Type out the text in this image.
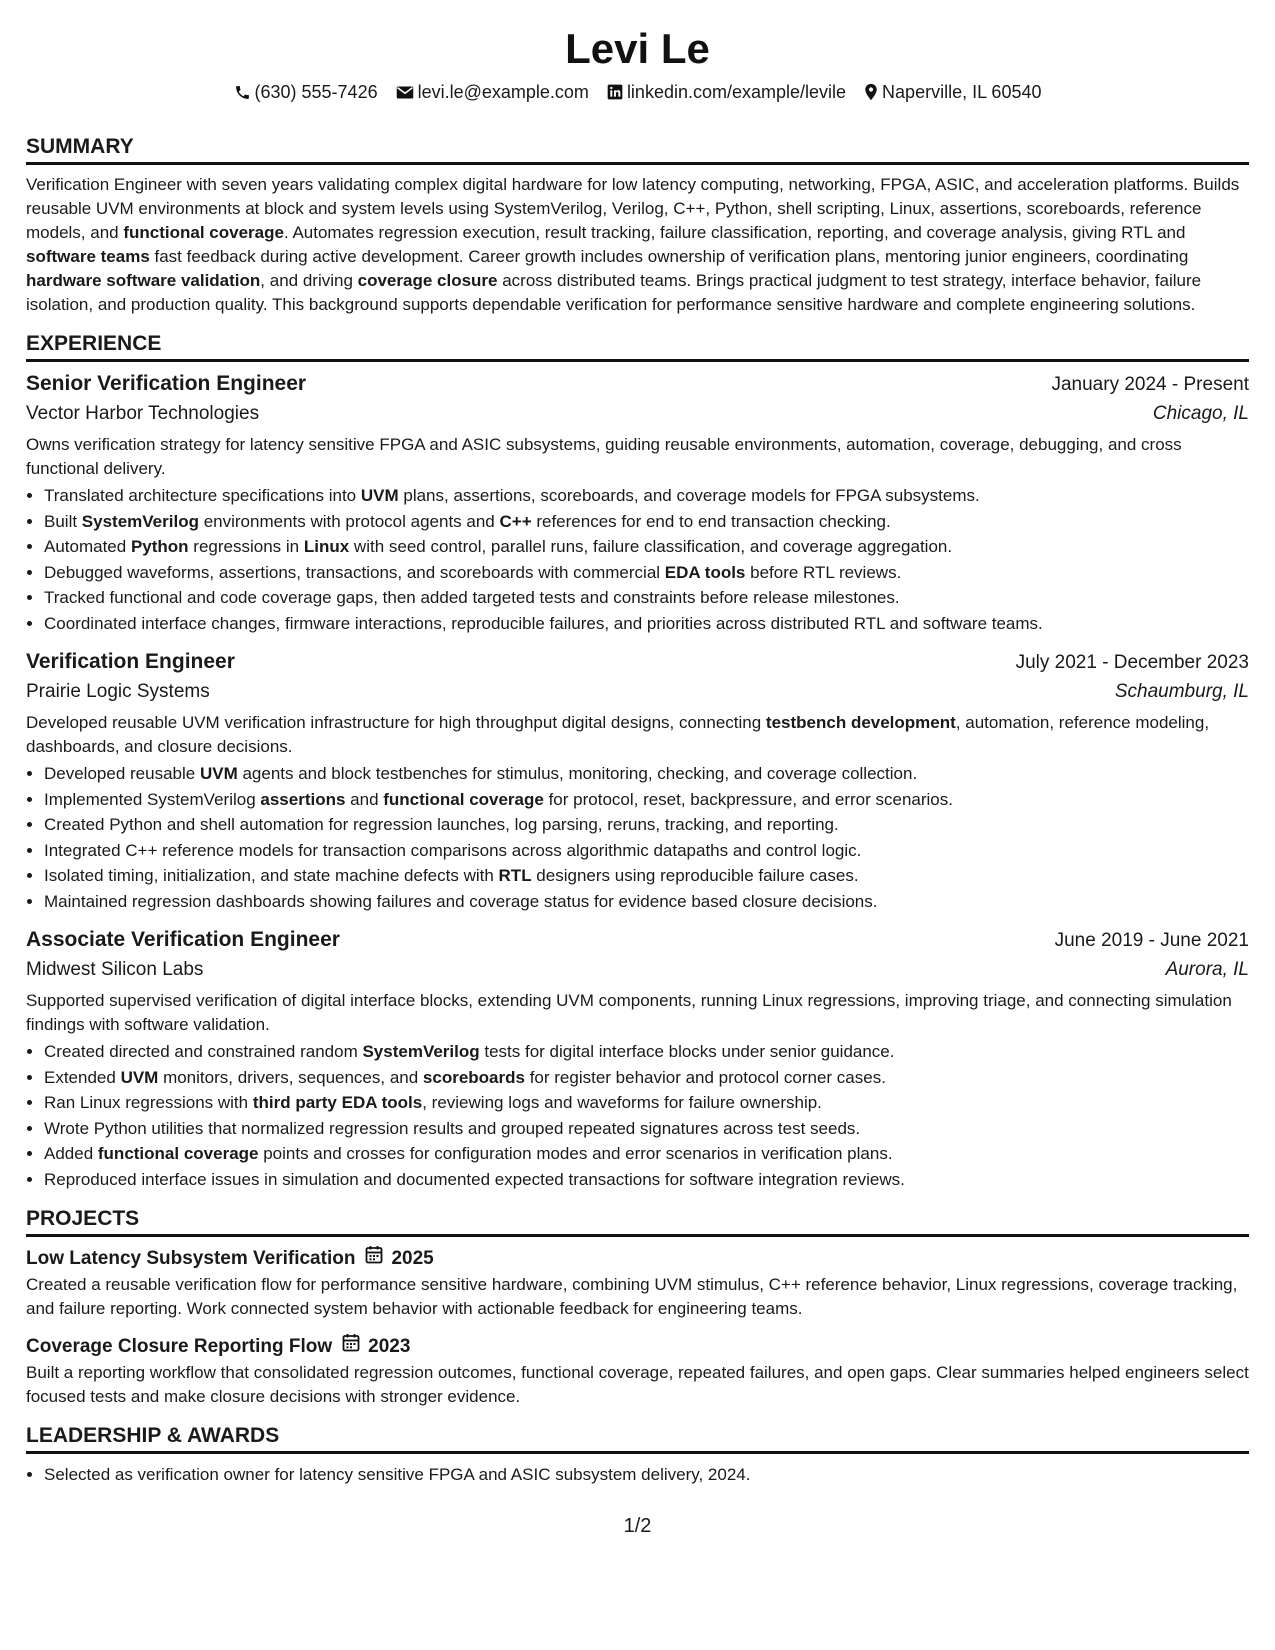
Levi Le
(630) 555-7426 levi.le@example.com linkedin.com/example/levile Naperville, IL 60540
SUMMARY
Verification Engineer with seven years validating complex digital hardware for low latency computing, networking, FPGA, ASIC, and acceleration platforms. Builds reusable UVM environments at block and system levels using SystemVerilog, Verilog, C++, Python, shell scripting, Linux, assertions, scoreboards, reference models, and functional coverage. Automates regression execution, result tracking, failure classification, reporting, and coverage analysis, giving RTL and software teams fast feedback during active development. Career growth includes ownership of verification plans, mentoring junior engineers, coordinating hardware software validation, and driving coverage closure across distributed teams. Brings practical judgment to test strategy, interface behavior, failure isolation, and production quality. This background supports dependable verification for performance sensitive hardware and complete engineering solutions.
EXPERIENCE
Senior Verification Engineer	January 2024 - Present
Vector Harbor Technologies	Chicago, IL
Owns verification strategy for latency sensitive FPGA and ASIC subsystems, guiding reusable environments, automation, coverage, debugging, and cross functional delivery.
• Translated architecture specifications into UVM plans, assertions, scoreboards, and coverage models for FPGA subsystems.
• Built SystemVerilog environments with protocol agents and C++ references for end to end transaction checking.
• Automated Python regressions in Linux with seed control, parallel runs, failure classification, and coverage aggregation.
• Debugged waveforms, assertions, transactions, and scoreboards with commercial EDA tools before RTL reviews.
• Tracked functional and code coverage gaps, then added targeted tests and constraints before release milestones.
• Coordinated interface changes, firmware interactions, reproducible failures, and priorities across distributed RTL and software teams.
Verification Engineer	July 2021 - December 2023
Prairie Logic Systems	Schaumburg, IL
Developed reusable UVM verification infrastructure for high throughput digital designs, connecting testbench development, automation, reference modeling, dashboards, and closure decisions.
• Developed reusable UVM agents and block testbenches for stimulus, monitoring, checking, and coverage collection.
• Implemented SystemVerilog assertions and functional coverage for protocol, reset, backpressure, and error scenarios.
• Created Python and shell automation for regression launches, log parsing, reruns, tracking, and reporting.
• Integrated C++ reference models for transaction comparisons across algorithmic datapaths and control logic.
• Isolated timing, initialization, and state machine defects with RTL designers using reproducible failure cases.
• Maintained regression dashboards showing failures and coverage status for evidence based closure decisions.
Associate Verification Engineer	June 2019 - June 2021
Midwest Silicon Labs	Aurora, IL
Supported supervised verification of digital interface blocks, extending UVM components, running Linux regressions, improving triage, and connecting simulation findings with software validation.
• Created directed and constrained random SystemVerilog tests for digital interface blocks under senior guidance.
• Extended UVM monitors, drivers, sequences, and scoreboards for register behavior and protocol corner cases.
• Ran Linux regressions with third party EDA tools, reviewing logs and waveforms for failure ownership.
• Wrote Python utilities that normalized regression results and grouped repeated signatures across test seeds.
• Added functional coverage points and crosses for configuration modes and error scenarios in verification plans.
• Reproduced interface issues in simulation and documented expected transactions for software integration reviews.
PROJECTS
Low Latency Subsystem Verification 2025
Created a reusable verification flow for performance sensitive hardware, combining UVM stimulus, C++ reference behavior, Linux regressions, coverage tracking, and failure reporting. Work connected system behavior with actionable feedback for engineering teams.
Coverage Closure Reporting Flow 2023
Built a reporting workflow that consolidated regression outcomes, functional coverage, repeated failures, and open gaps. Clear summaries helped engineers select focused tests and make closure decisions with stronger evidence.
LEADERSHIP & AWARDS
• Selected as verification owner for latency sensitive FPGA and ASIC subsystem delivery, 2024.
1/2
